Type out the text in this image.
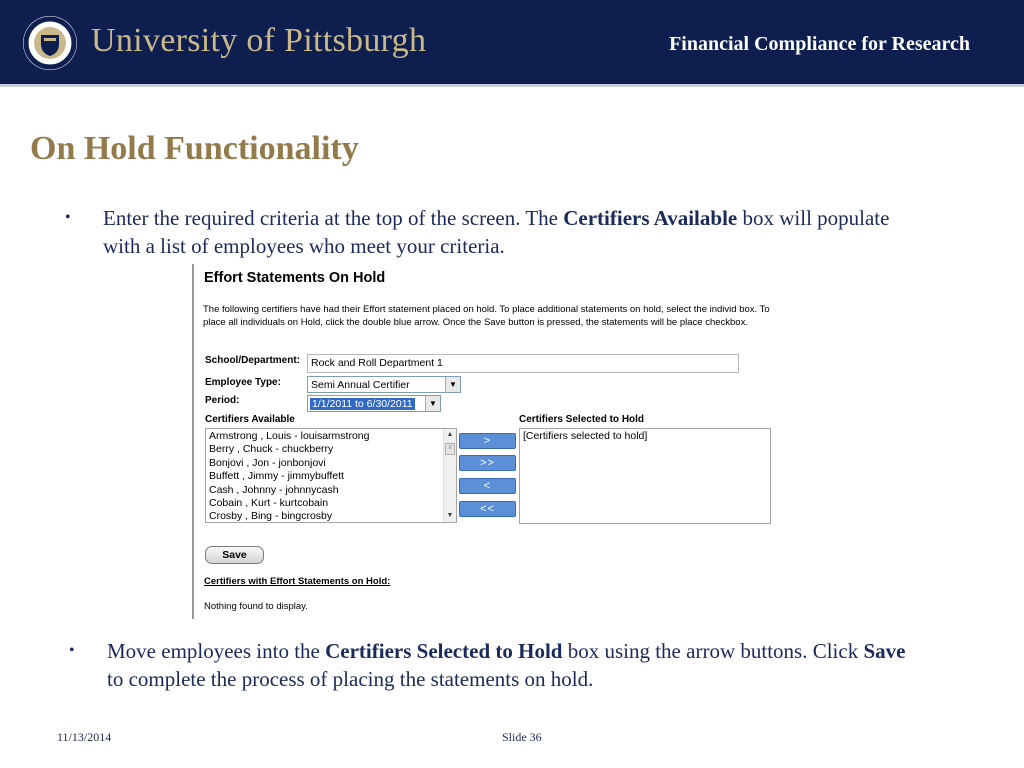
University of Pittsburgh	Financial Compliance for Research
On Hold Functionality
• Enter the required criteria at the top of the screen. The Certifiers Available box will populate with a list of employees who meet your criteria.
Effort Statements On Hold
The following certifiers have had their Effort statement placed on hold. To place additional statements on hold, select the individ box. To place all individuals on Hold, click the double blue arrow. Once the Save button is pressed, the statements will be place checkbox.
School/Department:	Rock and Roll Department 1
Employee Type:	Semi Annual Certifier	▼
Period:	1/1/2011 to 6/30/2011	▼
Certifiers Available	Certifiers Selected to Hold
Armstrong , Louis - louisarmstrong
Berry , Chuck - chuckberry
Bonjovi , Jon - jonbonjovi
Buffett , Jimmy - jimmybuffett
Cash , Johnny - johnnycash
Cobain , Kurt - kurtcobain
Crosby , Bing - bingcrosby
▲
≡
▼
>
>>
<
<<
[Certifiers selected to hold]
Save
Certifiers with Effort Statements on Hold:
Nothing found to display.
• Move employees into the Certifiers Selected to Hold box using the arrow buttons. Click Save to complete the process of placing the statements on hold.
11/13/2014	Slide 36
